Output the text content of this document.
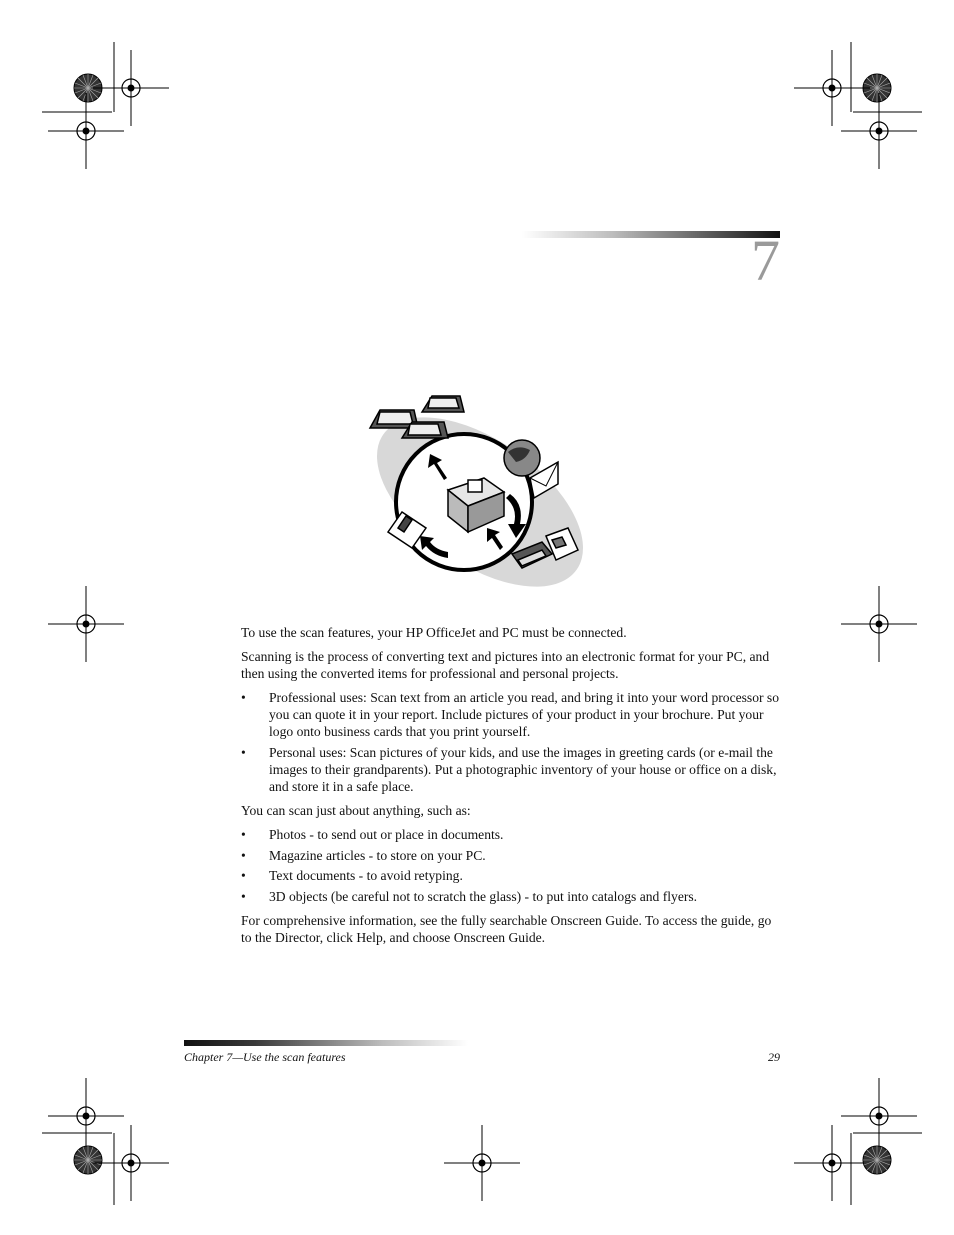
7

To use the scan features, your HP OfficeJet and PC must be connected.

Scanning is the process of converting text and pictures into an electronic format for your PC, and then using the converted items for professional and personal projects.

• Professional uses: Scan text from an article you read, and bring it into your word processor so you can quote it in your report. Include pictures of your product in your brochure. Put your logo onto business cards that you print yourself.
• Personal uses: Scan pictures of your kids, and use the images in greeting cards (or e-mail the images to their grandparents). Put a photographic inventory of your house or office on a disk, and store it in a safe place.

You can scan just about anything, such as:

• Photos - to send out or place in documents.
• Magazine articles - to store on your PC.
• Text documents - to avoid retyping.
• 3D objects (be careful not to scratch the glass) - to put into catalogs and flyers.

For comprehensive information, see the fully searchable Onscreen Guide. To access the guide, go to the Director, click Help, and choose Onscreen Guide.

Chapter 7—Use the scan features	29
